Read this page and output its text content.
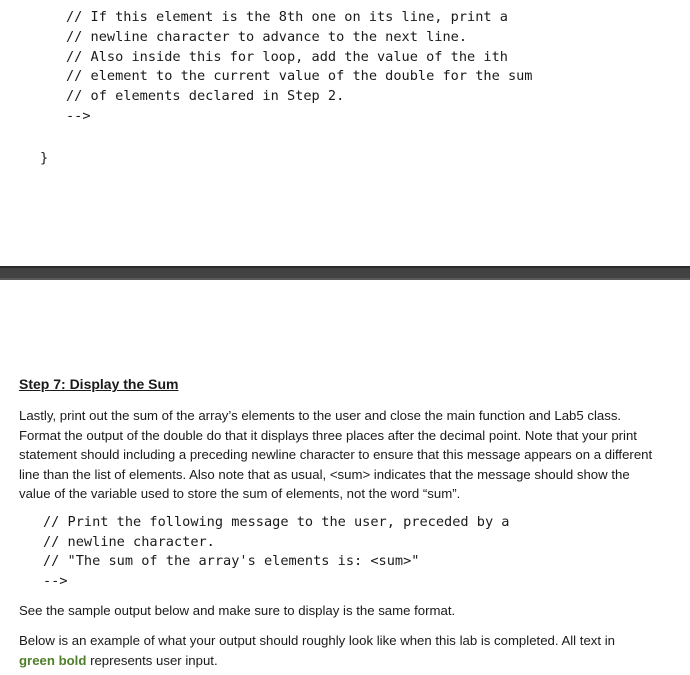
// If this element is the 8th one on its line, print a
// newline character to advance to the next line.
// Also inside this for loop, add the value of the ith
// element to the current value of the double for the sum
// of elements declared in Step 2.
-->
}
Step 7: Display the Sum

Lastly, print out the sum of the array’s elements to the user and close the main function and Lab5 class. Format the output of the double do that it displays three places after the decimal point. Note that your print statement should including a preceding newline character to ensure that this message appears on a different line than the list of elements. Also note that as usual, <sum> indicates that the message should show the value of the variable used to store the sum of elements, not the word “sum”.

// Print the following message to the user, preceded by a
// newline character.
// "The sum of the array's elements is: <sum>"
-->

See the sample output below and make sure to display is the same format.

Below is an example of what your output should roughly look like when this lab is completed. All text in
green bold represents user input.
